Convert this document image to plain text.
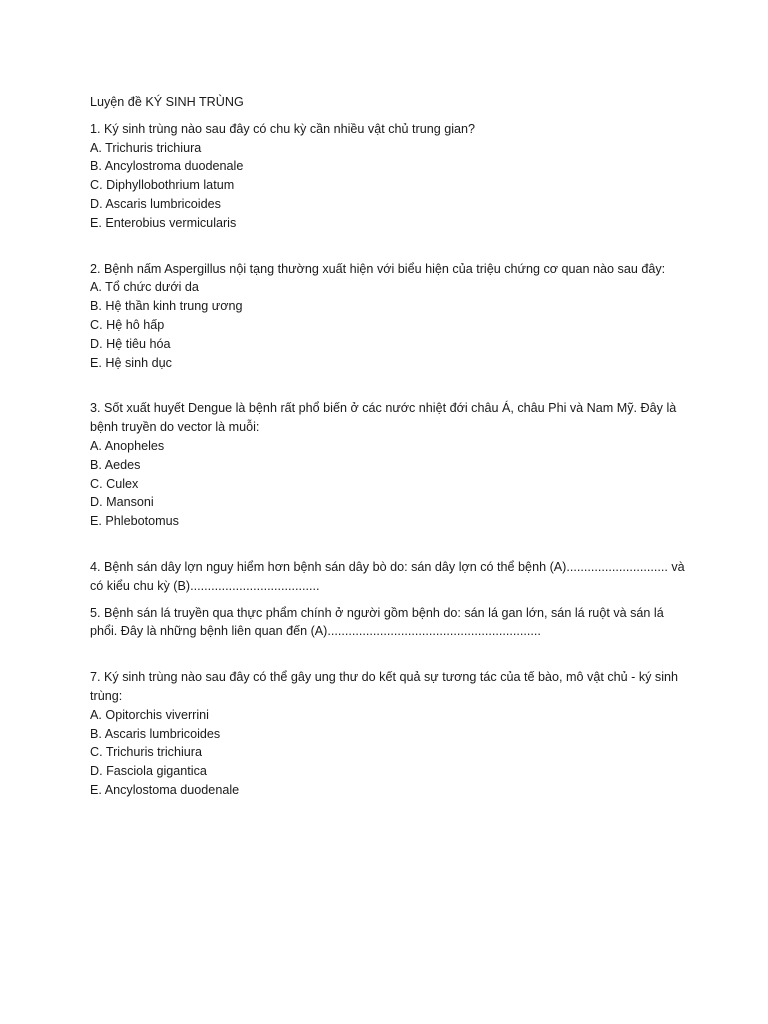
Luyện đề KÝ SINH TRÙNG
1. Ký sinh trùng nào sau đây có chu kỳ cần nhiều vật chủ trung gian?
A. Trichuris trichiura
B. Ancylostroma duodenale
C. Diphyllobothrium latum
D. Ascaris lumbricoides
E. Enterobius vermicularis
2. Bệnh nấm Aspergillus nội tạng thường xuất hiện với biểu hiện của triệu chứng cơ quan nào sau đây:
A. Tổ chức dưới da
B. Hệ thần kinh trung ương
C. Hệ hô hấp
D. Hệ tiêu hóa
E. Hệ sinh dục
3. Sốt xuất huyết Dengue là bệnh rất phổ biến ở các nước nhiệt đới châu Á, châu Phi và Nam Mỹ. Đây là
bệnh truyền do vector là muỗi:
A. Anopheles
B. Aedes
C. Culex
D. Mansoni
E. Phlebotomus
4. Bệnh sán dây lợn nguy hiểm hơn bệnh sán dây bò do: sán dây lợn có thể bệnh (A)............................. và
có kiểu chu kỳ (B).....................................
5. Bệnh sán lá truyền qua thực phẩm chính ở người gồm bệnh do: sán lá gan lớn, sán lá ruột và sán lá
phổi. Đây là những bệnh liên quan đến (A).............................................................
7. Ký sinh trùng nào sau đây có thể gây ung thư do kết quả sự tương tác của tế bào, mô vật chủ - ký sinh
trùng:
A. Opitorchis viverrini
B. Ascaris lumbricoides
C. Trichuris trichiura
D. Fasciola gigantica
E. Ancylostoma duodenale
